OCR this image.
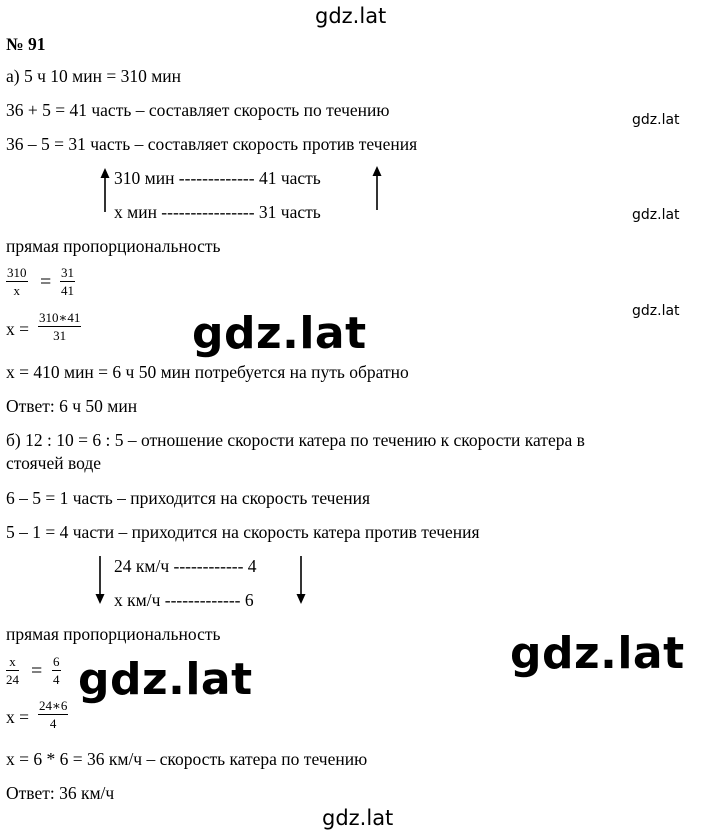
gdz.lat
gdz.lat
gdz.lat
gdz.lat
gdz.lat
gdz.lat
gdz.lat
gdz.lat
№ 91
а) 5 ч 10 мин = 310 мин
36 + 5 = 41 часть – составляет скорость по течению
36 – 5 = 31 часть – составляет скорость против течения
310 мин ------------- 41 часть
х мин ---------------- 31 часть
прямая пропорциональность
$\frac{310}{x} = \frac{31}{41}$
$х = \frac{310∗41}{31}$
х = 410 мин = 6 ч 50 мин потребуется на путь обратно
Ответ: 6 ч 50 мин
б) 12 : 10 = 6 : 5 – отношение скорости катера по течению к скорости катера в
стоячей воде
6 – 5 = 1 часть – приходится на скорость течения
5 – 1 = 4 части – приходится на скорость катера против течения
24 км/ч ------------ 4
х км/ч ------------- 6
прямая пропорциональность
$\frac{x}{24} = \frac{6}{4}$
$х = \frac{24∗6}{4}$
х = 6 * 6 = 36 км/ч – скорость катера по течению
Ответ: 36 км/ч
